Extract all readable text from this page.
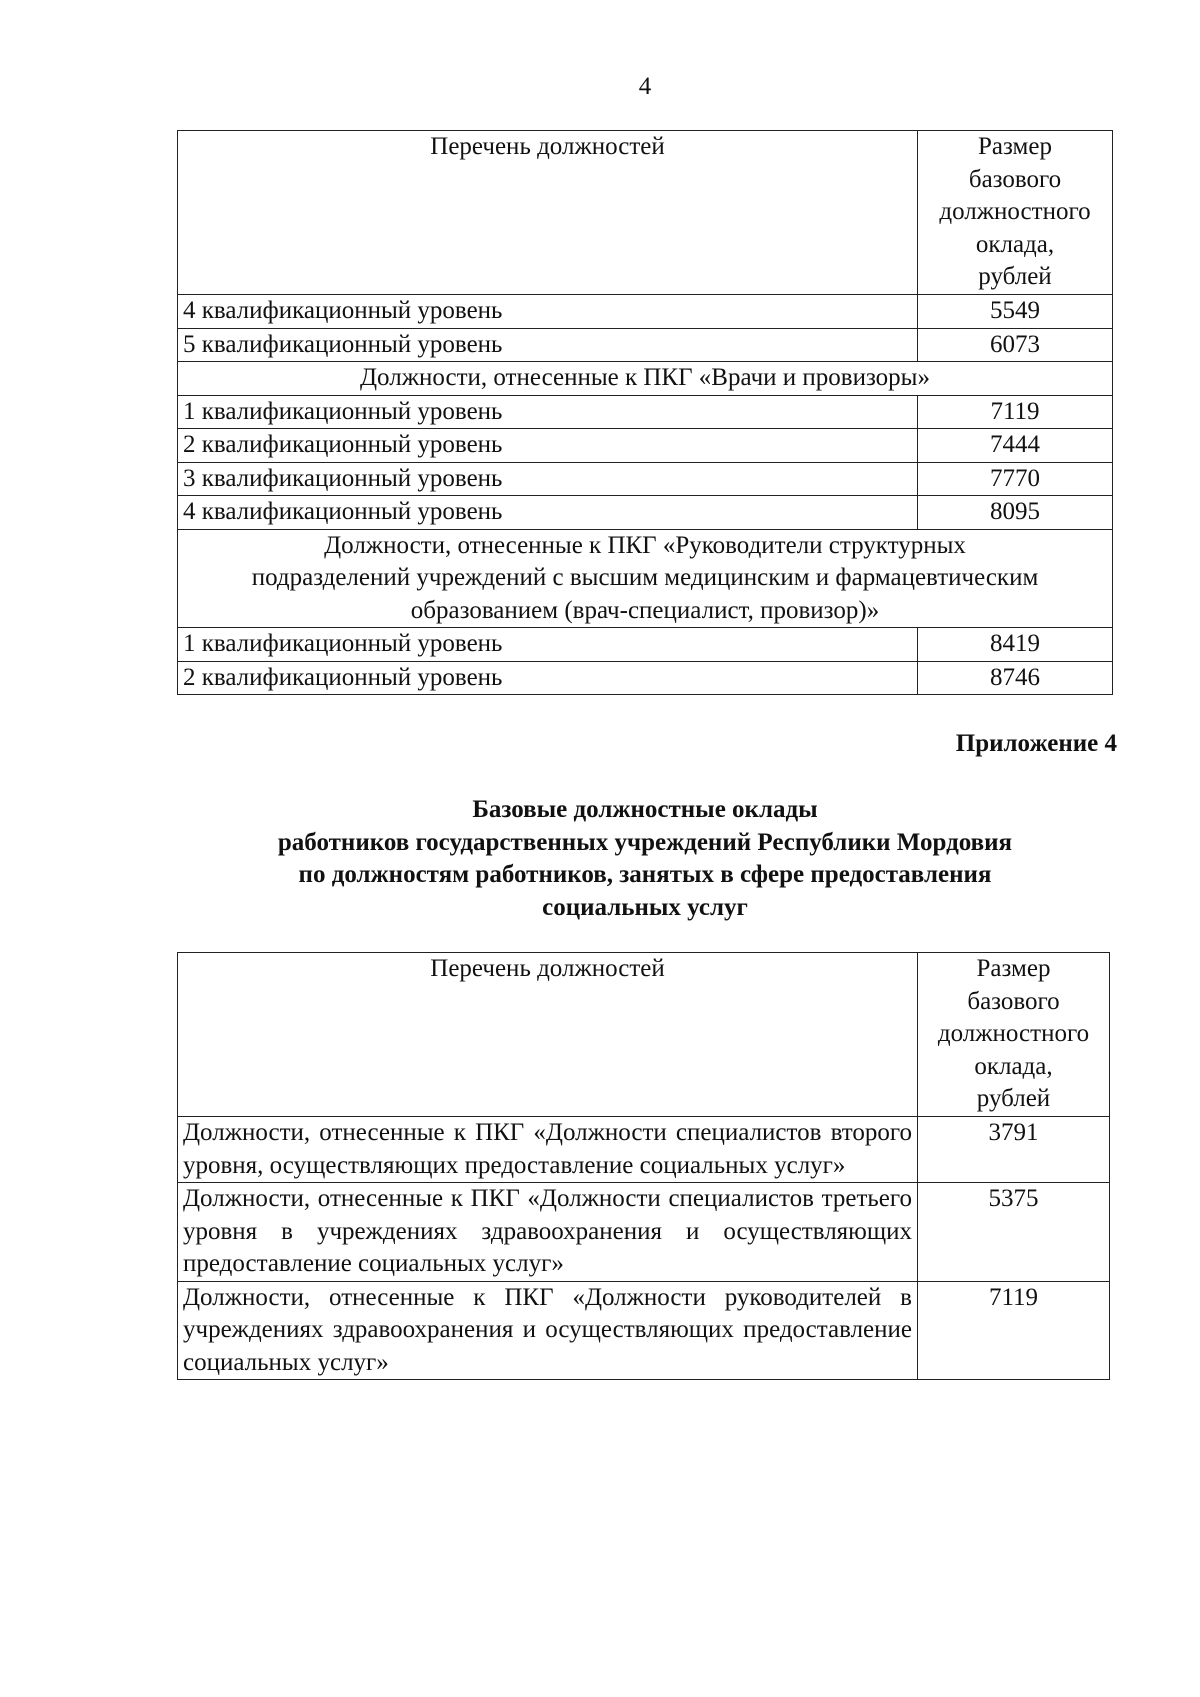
4
Перечень должностей	Размер
базового
должностного
оклада,
рублей

4 квалификационный уровень	5549
5 квалификационный уровень	6073

Должности, отнесенные к ПКГ «Врачи и провизоры»	

1 квалификационный уровень	7119
2 квалификационный уровень	7444
3 квалификационный уровень	7770
4 квалификационный уровень	8095

Должности, отнесенные к ПКГ «Руководители структурных
подразделений учреждений с высшим медицинским и фармацевтическим
образованием (врач-специалист, провизор)»	

1 квалификационный уровень	8419
2 квалификационный уровень	8746
Приложение 4
Базовые должностные оклады
работников государственных учреждений Республики Мордовия
по должностям работников, занятых в сфере предоставления
социальных услуг
Перечень должностей	Размер
базового
должностного
оклада,
рублей

Должности, отнесенные к ПКГ «Должности специалистов второго уровня, осуществляющих предоставление социальных услуг»	3791
Должности, отнесенные к ПКГ «Должности специалистов третьего уровня в учреждениях здравоохранения и осуществляющих предоставление социальных услуг»	5375
Должности, отнесенные к ПКГ «Должности руководителей в учреждениях здравоохранения и осуществляющих предоставление социальных услуг»	7119
